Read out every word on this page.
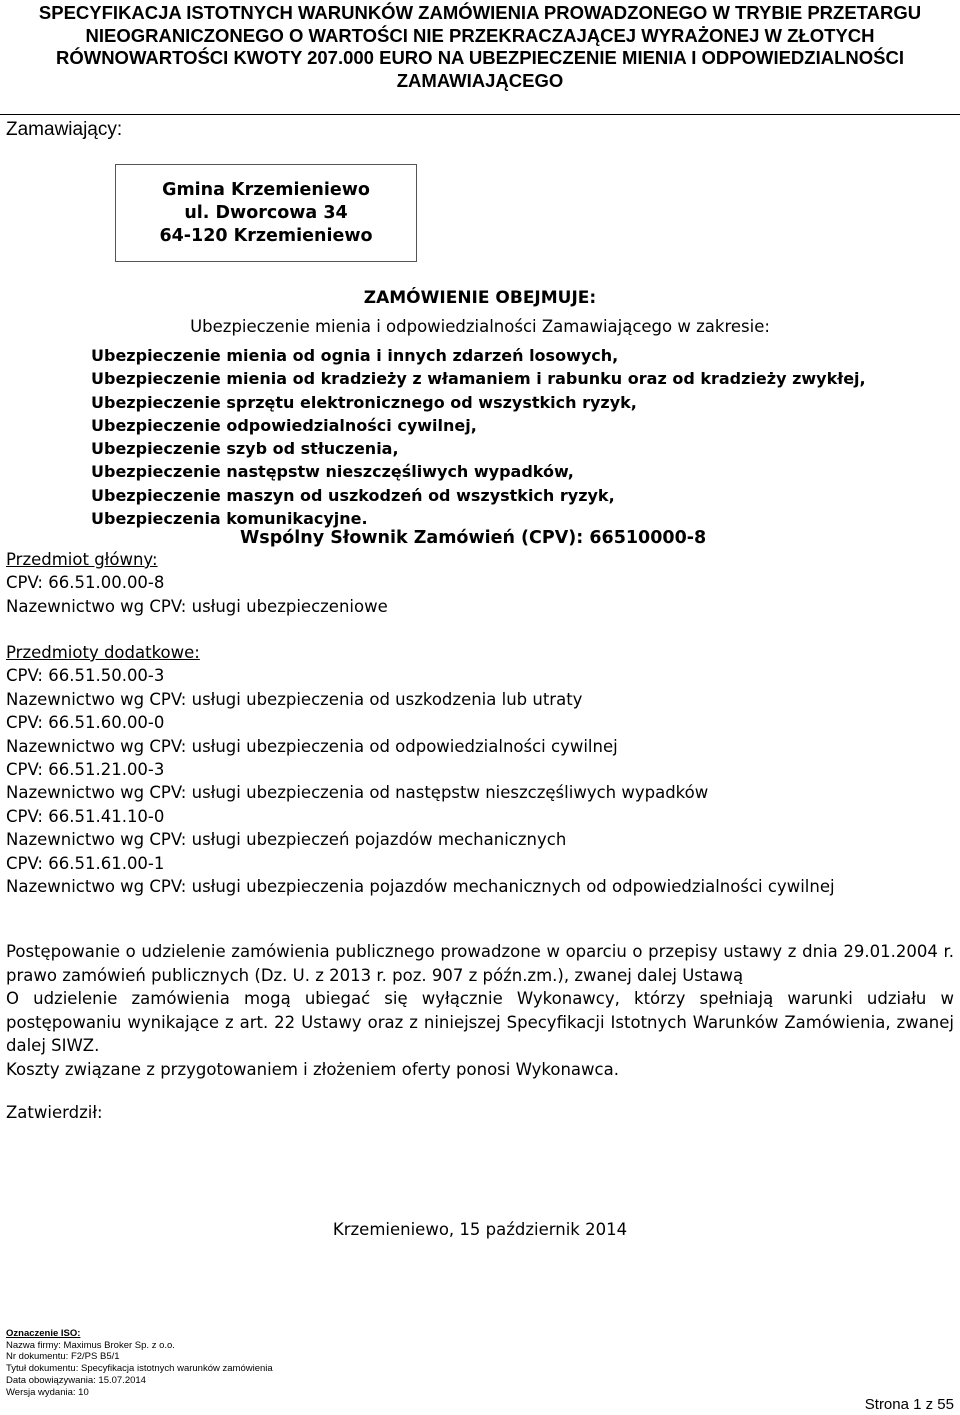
SPECYFIKACJA ISTOTNYCH WARUNKÓW ZAMÓWIENIA PROWADZONEGO W TRYBIE PRZETARGU
NIEOGRANICZONEGO O WARTOŚCI NIE PRZEKRACZAJĄCEJ WYRAŻONEJ W ZŁOTYCH
RÓWNOWARTOŚCI KWOTY 207.000 EURO NA UBEZPIECZENIE MIENIA I ODPOWIEDZIALNOŚCI
ZAMAWIAJĄCEGO
Zamawiający:
Gmina Krzemieniewo
ul. Dworcowa 34
64-120 Krzemieniewo
ZAMÓWIENIE OBEJMUJE:
Ubezpieczenie mienia i odpowiedzialności Zamawiającego w zakresie:
Ubezpieczenie mienia od ognia i innych zdarzeń losowych,
Ubezpieczenie mienia od kradzieży z włamaniem i rabunku oraz od kradzieży zwykłej,
Ubezpieczenie sprzętu elektronicznego od wszystkich ryzyk,
Ubezpieczenie odpowiedzialności cywilnej,
Ubezpieczenie szyb od stłuczenia,
Ubezpieczenie następstw nieszczęśliwych wypadków,
Ubezpieczenie maszyn od uszkodzeń od wszystkich ryzyk,
Ubezpieczenia komunikacyjne.
Wspólny Słownik Zamówień (CPV): 66510000-8
Przedmiot główny:
CPV: 66.51.00.00-8
Nazewnictwo wg CPV: usługi ubezpieczeniowe
Przedmioty dodatkowe:
CPV: 66.51.50.00-3
Nazewnictwo wg CPV: usługi ubezpieczenia od uszkodzenia lub utraty
CPV: 66.51.60.00-0
Nazewnictwo wg CPV: usługi ubezpieczenia od odpowiedzialności cywilnej
CPV: 66.51.21.00-3
Nazewnictwo wg CPV: usługi ubezpieczenia od następstw nieszczęśliwych wypadków
CPV: 66.51.41.10-0
Nazewnictwo wg CPV: usługi ubezpieczeń pojazdów mechanicznych
CPV: 66.51.61.00-1
Nazewnictwo wg CPV: usługi ubezpieczenia pojazdów mechanicznych od odpowiedzialności cywilnej

Postępowanie o udzielenie zamówienia publicznego prowadzone w oparciu o przepisy ustawy z dnia 29.01.2004 r. prawo zamówień publicznych (Dz. U. z 2013 r. poz. 907 z późn.zm.), zwanej dalej Ustawą

O udzielenie zamówienia mogą ubiegać się wyłącznie Wykonawcy, którzy spełniają warunki udziału w postępowaniu wynikające z art. 22 Ustawy oraz z niniejszej Specyfikacji Istotnych Warunków Zamówienia, zwanej dalej SIWZ.

Koszty związane z przygotowaniem i złożeniem oferty ponosi Wykonawca.

Zatwierdził:
Krzemieniewo, 15 październik 2014
Oznaczenie ISO:
Nazwa firmy: Maximus Broker Sp. z o.o.
Nr dokumentu: F2/PS B5/1
Tytuł dokumentu: Specyfikacja istotnych warunków zamówienia
Data obowiązywania: 15.07.2014
Wersja wydania: 10
Strona 1 z 55
